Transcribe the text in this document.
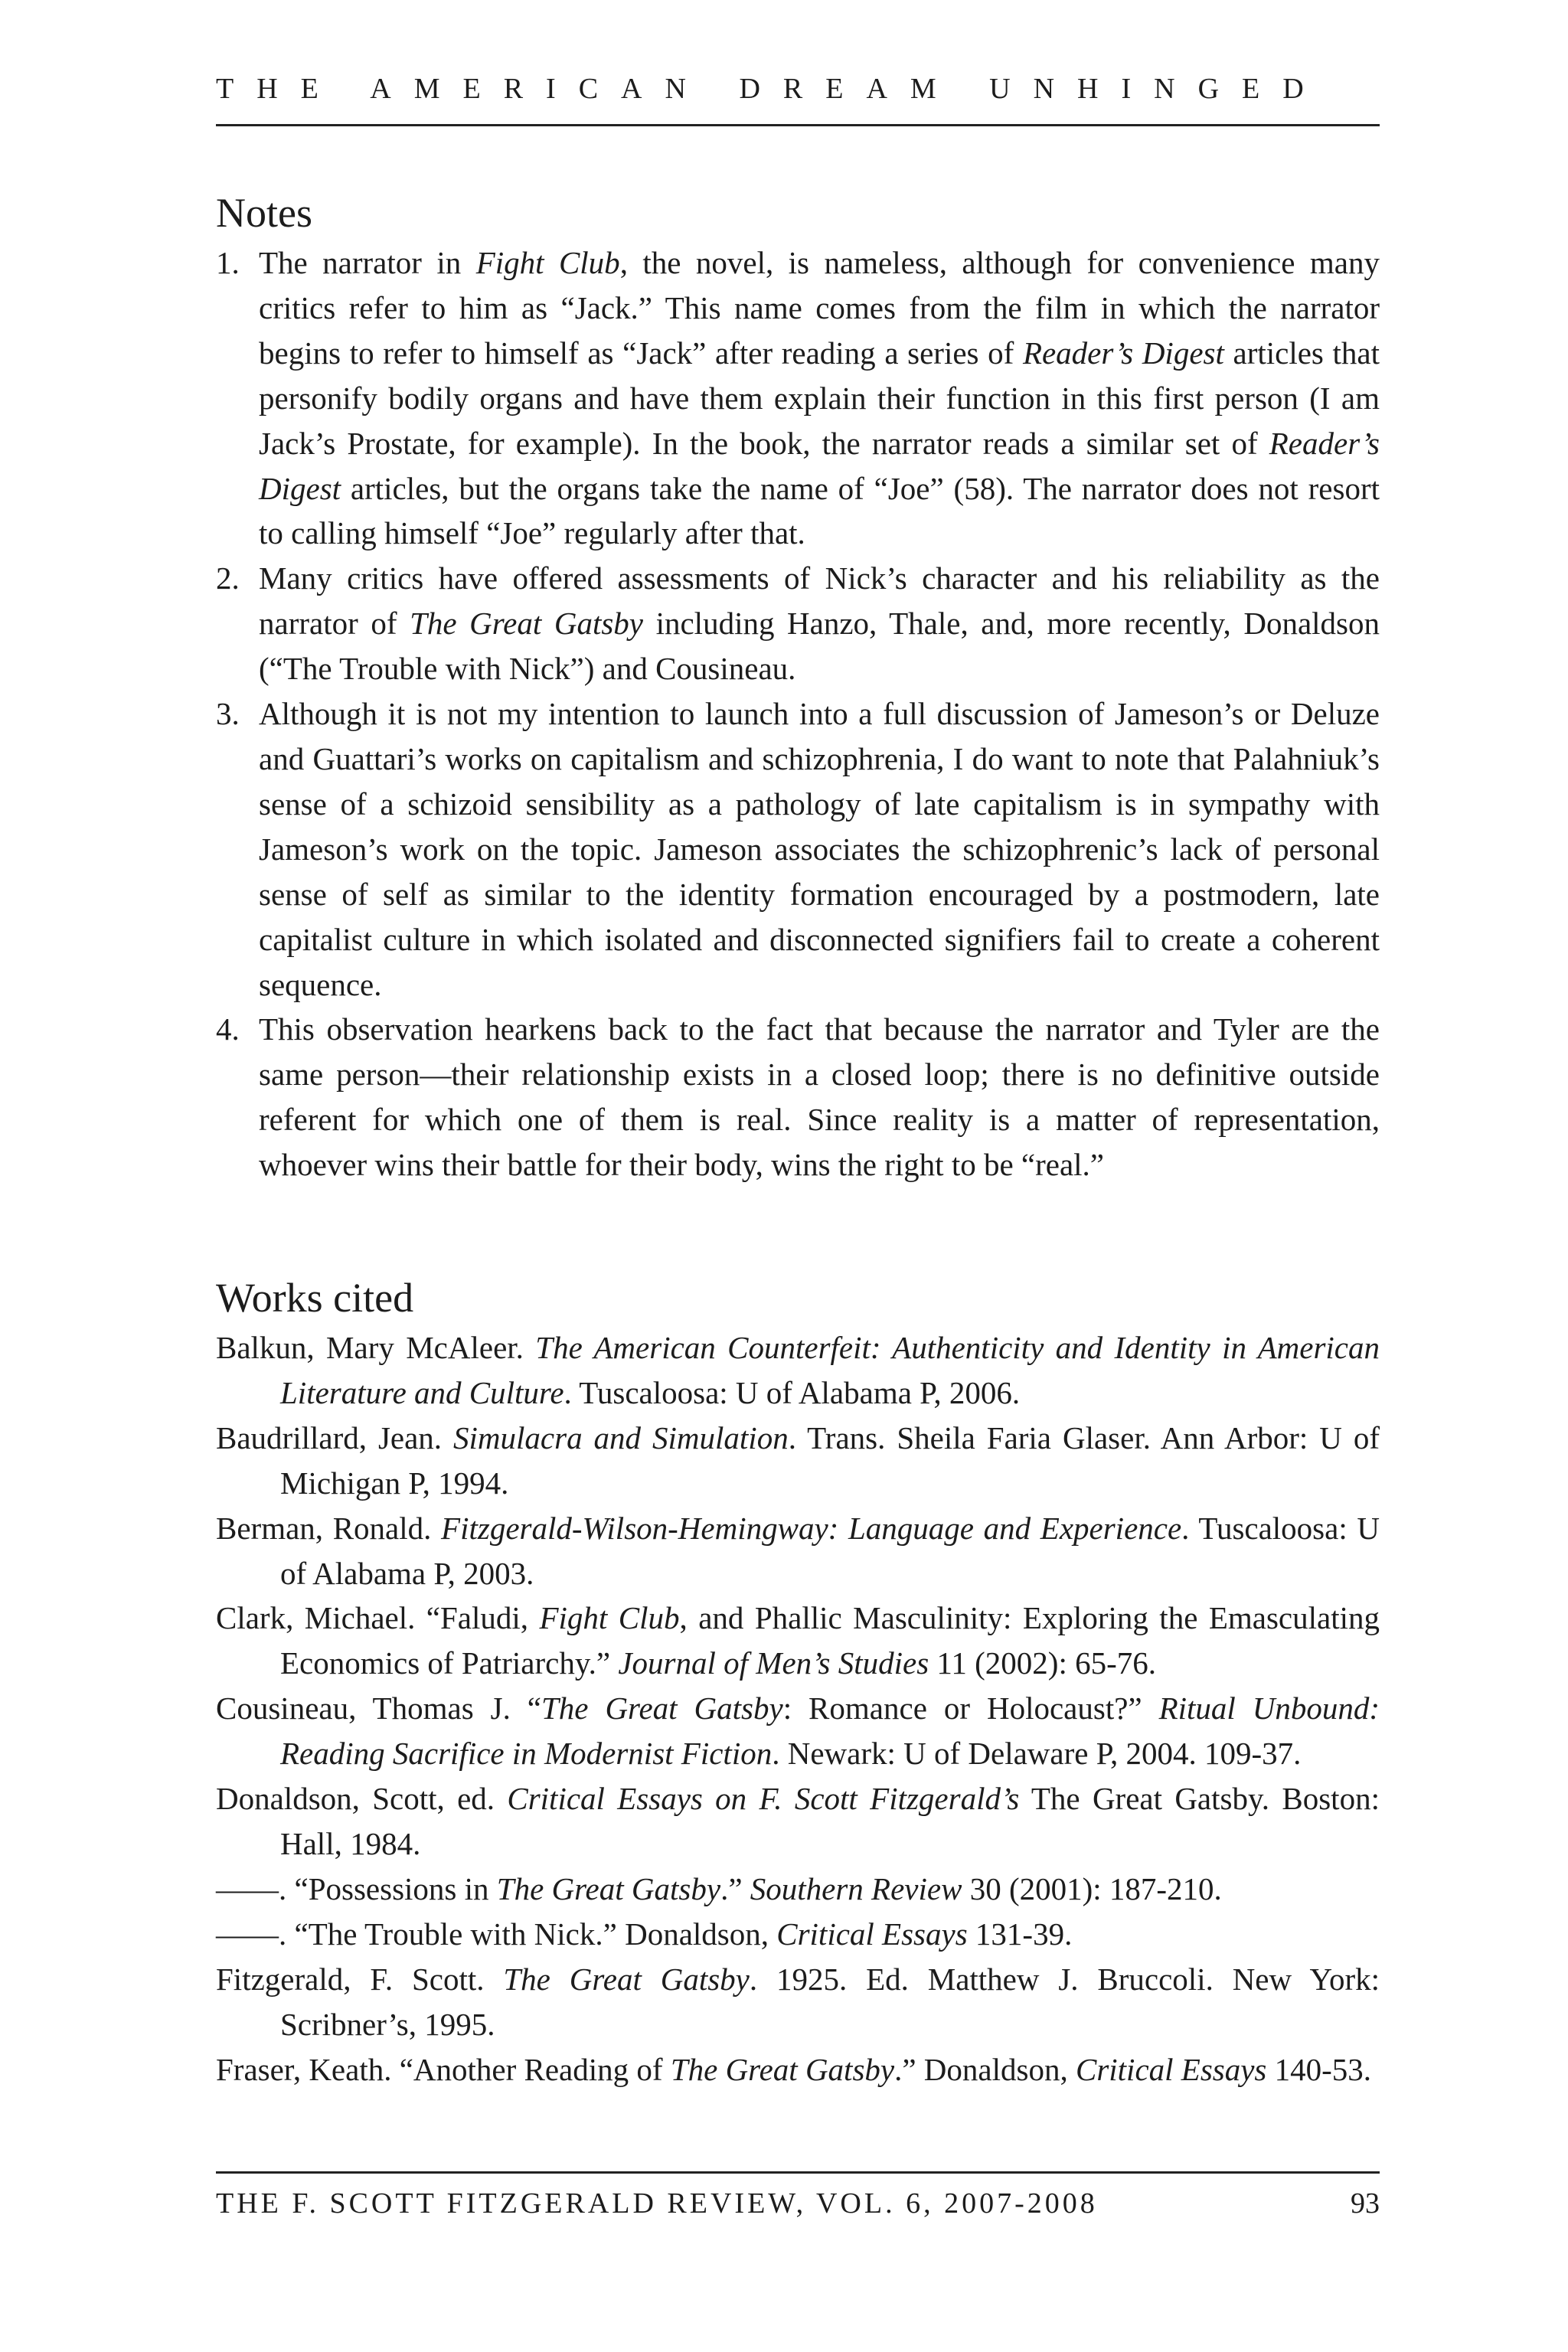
THE AMERICAN DREAM UNHINGED
Notes
1. The narrator in Fight Club, the novel, is nameless, although for convenience many critics refer to him as “Jack.” This name comes from the film in which the narrator begins to refer to himself as “Jack” after reading a series of Reader’s Digest articles that personify bodily organs and have them explain their function in this first person (I am Jack’s Prostate, for example). In the book, the narrator reads a similar set of Reader’s Digest articles, but the organs take the name of “Joe” (58). The narrator does not resort to calling himself “Joe” regularly after that.
2. Many critics have offered assessments of Nick’s character and his reliability as the narrator of The Great Gatsby including Hanzo, Thale, and, more recently, Donaldson (“The Trouble with Nick”) and Cousineau.
3. Although it is not my intention to launch into a full discussion of Jameson’s or Deluze and Guattari’s works on capitalism and schizophrenia, I do want to note that Palahniuk’s sense of a schizoid sensibility as a pathology of late capitalism is in sympathy with Jameson’s work on the topic. Jameson associates the schizophrenic’s lack of personal sense of self as similar to the identity formation encouraged by a postmodern, late capitalist culture in which isolated and disconnected signifiers fail to create a coherent sequence.
4. This observation hearkens back to the fact that because the narrator and Tyler are the same person—their relationship exists in a closed loop; there is no definitive outside referent for which one of them is real. Since reality is a matter of representation, whoever wins their battle for their body, wins the right to be “real.”
Works cited
Balkun, Mary McAleer. The American Counterfeit: Authenticity and Identity in American Literature and Culture. Tuscaloosa: U of Alabama P, 2006.
Baudrillard, Jean. Simulacra and Simulation. Trans. Sheila Faria Glaser. Ann Arbor: U of Michigan P, 1994.
Berman, Ronald. Fitzgerald-Wilson-Hemingway: Language and Experience. Tuscaloosa: U of Alabama P, 2003.
Clark, Michael. “Faludi, Fight Club, and Phallic Masculinity: Exploring the Emasculating Economics of Patriarchy.” Journal of Men’s Studies 11 (2002): 65-76.
Cousineau, Thomas J. “The Great Gatsby: Romance or Holocaust?” Ritual Unbound: Reading Sacrifice in Modernist Fiction. Newark: U of Delaware P, 2004. 109-37.
Donaldson, Scott, ed. Critical Essays on F. Scott Fitzgerald’s The Great Gatsby. Boston: Hall, 1984.
——. “Possessions in The Great Gatsby.” Southern Review 30 (2001): 187-210.
——. “The Trouble with Nick.” Donaldson, Critical Essays 131-39.
Fitzgerald, F. Scott. The Great Gatsby. 1925. Ed. Matthew J. Bruccoli. New York: Scribner’s, 1995.
Fraser, Keath. “Another Reading of The Great Gatsby.” Donaldson, Critical Essays 140-53.
THE F. SCOTT FITZGERALD REVIEW, VOL. 6, 2007-2008	93
